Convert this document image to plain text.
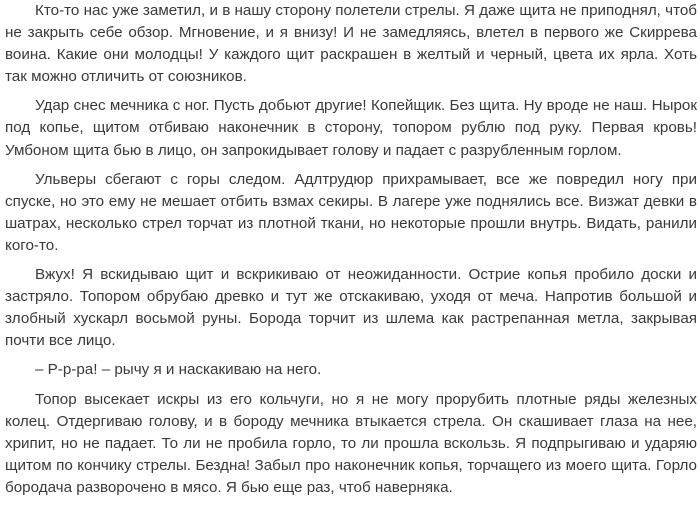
Кто-то нас уже заметил, и в нашу сторону полетели стрелы. Я даже щита не приподнял, чтоб не закрыть себе обзор. Мгновение, и я внизу! И не замедляясь, влетел в первого же Скиррева воина. Какие они молодцы! У каждого щит раскрашен в желтый и черный, цвета их ярла. Хоть так можно отличить от союзников.

Удар снес мечника с ног. Пусть добьют другие! Копейщик. Без щита. Ну вроде не наш. Нырок под копье, щитом отбиваю наконечник в сторону, топором рублю под руку. Первая кровь! Умбоном щита бью в лицо, он запрокидывает голову и падает с разрубленным горлом.

Ульверы сбегают с горы следом. Адлтрудюр прихрамывает, все же повредил ногу при спуске, но это ему не мешает отбить взмах секиры. В лагере уже поднялись все. Визжат девки в шатрах, несколько стрел торчат из плотной ткани, но некоторые прошли внутрь. Видать, ранили кого-то.

Вжух! Я вскидываю щит и вскрикиваю от неожиданности. Острие копья пробило доски и застряло. Топором обрубаю древко и тут же отскакиваю, уходя от меча. Напротив большой и злобный хускарл восьмой руны. Борода торчит из шлема как растрепанная метла, закрывая почти все лицо.

– Р-р-ра! – рычу я и наскакиваю на него.

Топор высекает искры из его кольчуги, но я не могу прорубить плотные ряды железных колец. Отдергиваю голову, и в бороду мечника втыкается стрела. Он скашивает глаза на нее, хрипит, но не падает. То ли не пробила горло, то ли прошла вскользь. Я подпрыгиваю и ударяю щитом по кончику стрелы. Бездна! Забыл про наконечник копья, торчащего из моего щита. Горло бородача разворочено в мясо. Я бью еще раз, чтоб наверняка.
